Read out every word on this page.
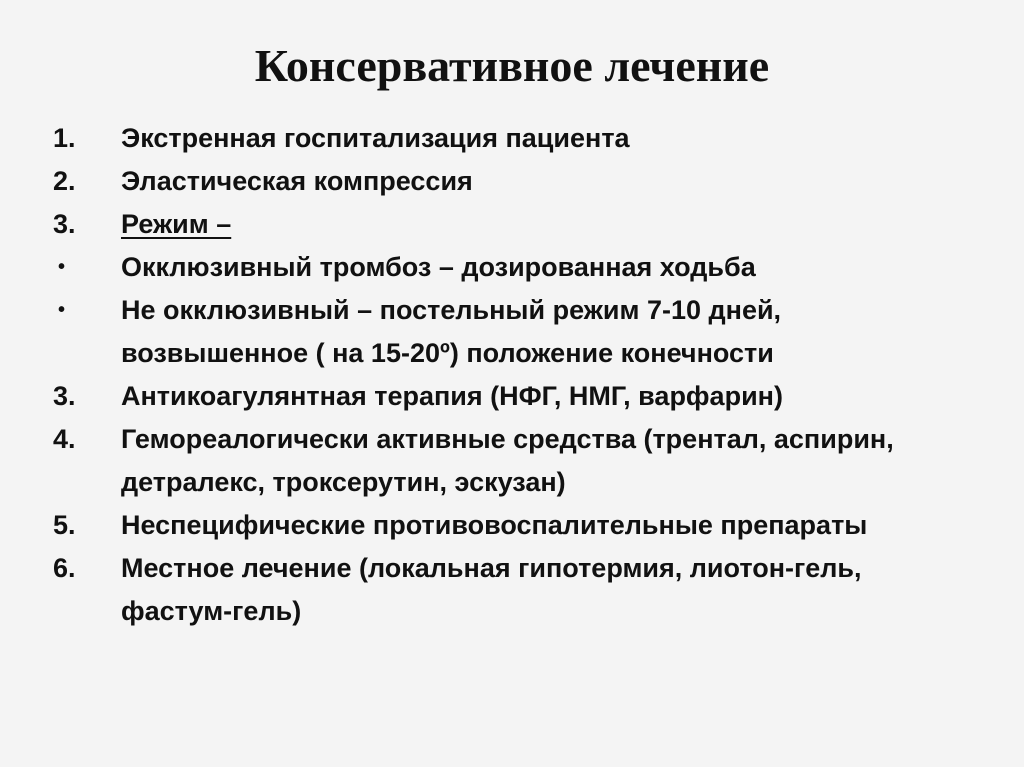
Консервативное лечение
1.	Экстренная госпитализация пациента
2.	Эластическая компрессия
3.	Режим –
•	Окклюзивный тромбоз – дозированная ходьба
•	Не окклюзивный – постельный режим 7-10 дней,
возвышенное ( на 15-20º) положение конечности
3.	Антикоагулянтная терапия (НФГ, НМГ, варфарин)
4.	Гемореалогически активные средства (трентал, аспирин,
детралекс, троксерутин, эскузан)
5.	Неспецифические противовоспалительные препараты
6.	Местное лечение (локальная гипотермия, лиотон-гель,
фастум-гель)
